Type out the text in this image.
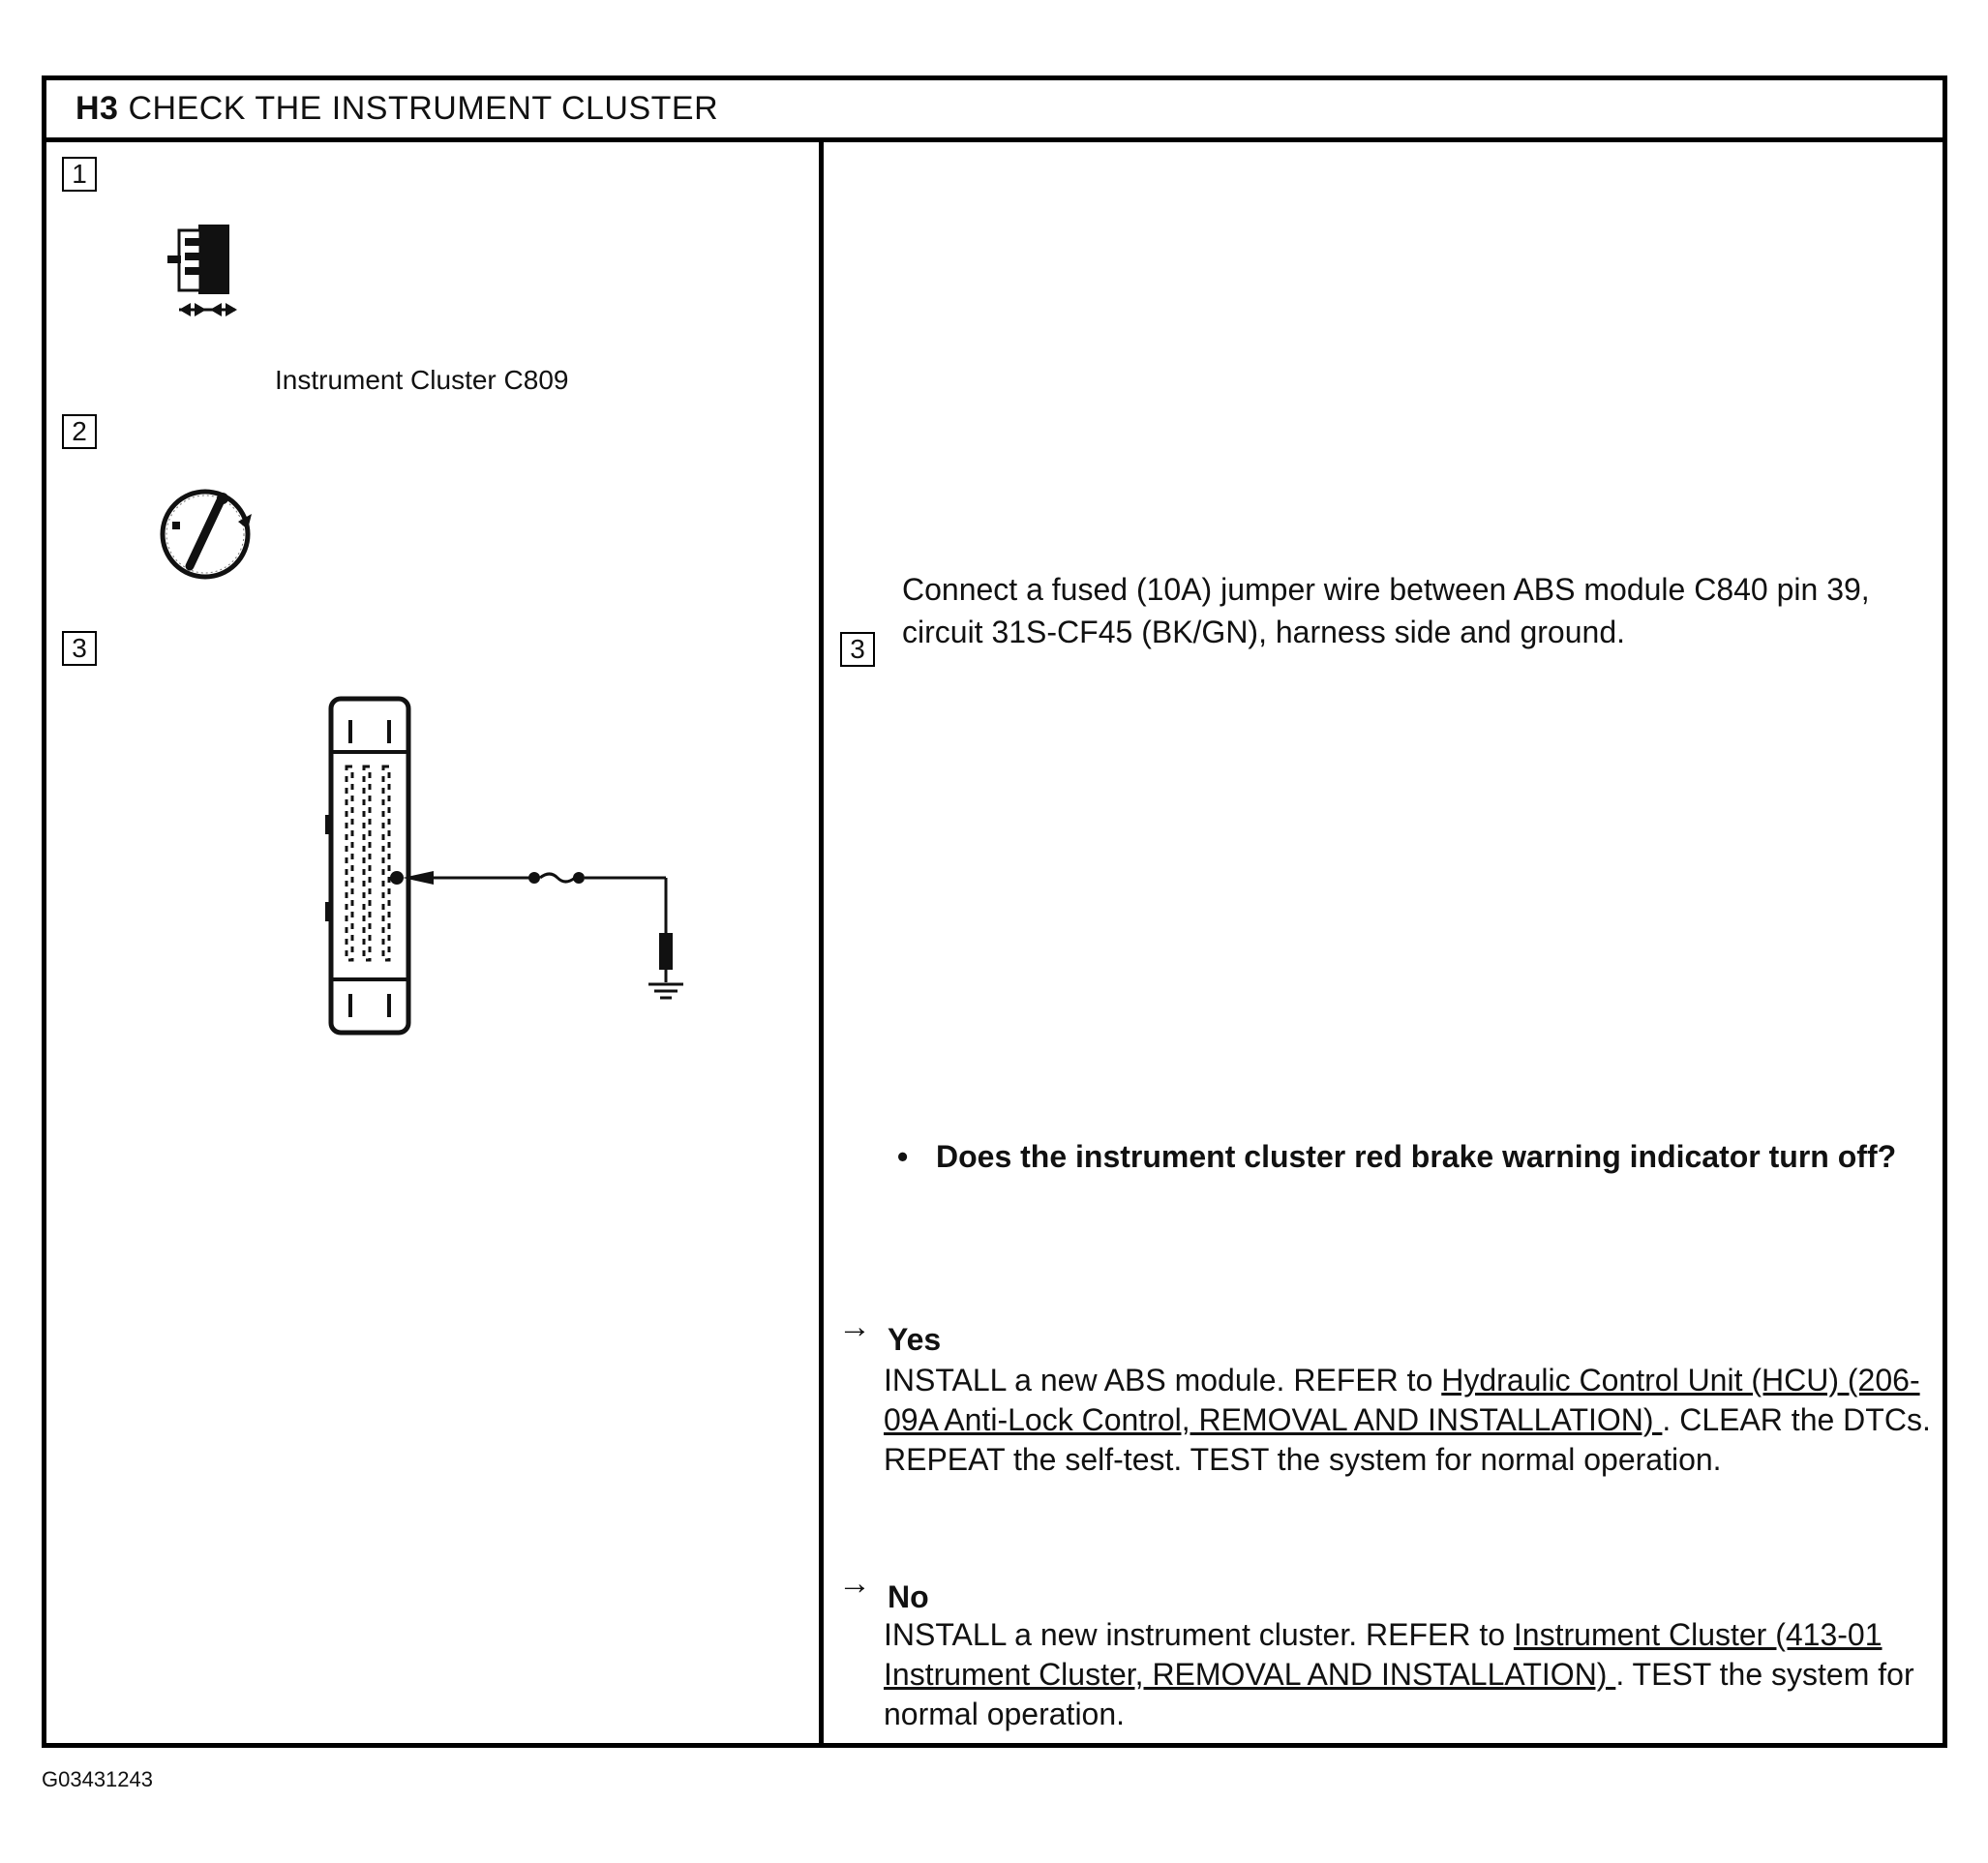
H3 CHECK THE INSTRUMENT CLUSTER
1
Instrument Cluster C809
2
3	3
Connect a fused (10A) jumper wire between ABS module C840 pin 39, circuit 31S-CF45 (BK/GN), harness side and ground.
• Does the instrument cluster red brake warning indicator turn off?
→ Yes
INSTALL a new ABS module. REFER to Hydraulic Control Unit (HCU) (206-09A Anti-Lock Control, REMOVAL AND INSTALLATION) . CLEAR the DTCs. REPEAT the self-test. TEST the system for normal operation.
→ No
INSTALL a new instrument cluster. REFER to Instrument Cluster (413-01 Instrument Cluster, REMOVAL AND INSTALLATION) . TEST the system for normal operation.
G03431243
